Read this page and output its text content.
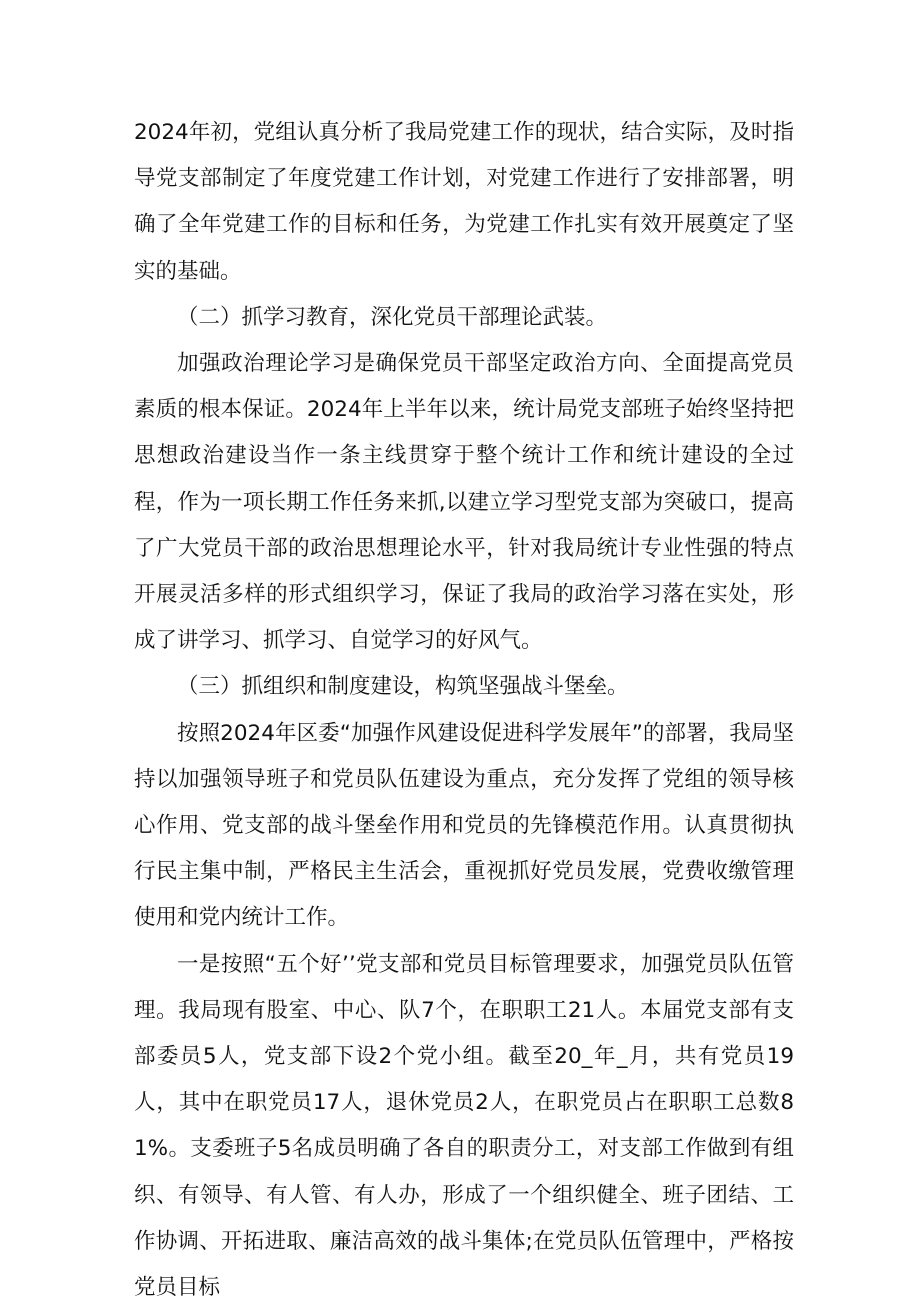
2024年初，党组认真分析了我局党建工作的现状，结合实际，及时指导党支部制定了年度党建工作计划，对党建工作进行了安排部署，明确了全年党建工作的目标和任务，为党建工作扎实有效开展奠定了坚实的基础。

（二）抓学习教育，深化党员干部理论武装。

加强政治理论学习是确保党员干部坚定政治方向、全面提高党员素质的根本保证。2024年上半年以来，统计局党支部班子始终坚持把思想政治建设当作一条主线贯穿于整个统计工作和统计建设的全过程，作为一项长期工作任务来抓,以建立学习型党支部为突破口，提高了广大党员干部的政治思想理论水平，针对我局统计专业性强的特点开展灵活多样的形式组织学习，保证了我局的政治学习落在实处，形成了讲学习、抓学习、自觉学习的好风气。

（三）抓组织和制度建设，构筑坚强战斗堡垒。

按照2024年区委“加强作风建设促进科学发展年”的部署，我局坚持以加强领导班子和党员队伍建设为重点，充分发挥了党组的领导核心作用、党支部的战斗堡垒作用和党员的先锋模范作用。认真贯彻执行民主集中制，严格民主生活会，重视抓好党员发展，党费收缴管理使用和党内统计工作。

一是按照“五个好’’党支部和党员目标管理要求，加强党员队伍管理。我局现有股室、中心、队7个，在职职工21人。本届党支部有支部委员5人，党支部下设2个党小组。截至20_年_月，共有党员19人，其中在职党员17人，退休党员2人，在职党员占在职职工总数81%。支委班子5名成员明确了各自的职责分工，对支部工作做到有组织、有领导、有人管、有人办，形成了一个组织健全、班子团结、工作协调、开拓进取、廉洁高效的战斗集体;在党员队伍管理中，严格按党员目标
